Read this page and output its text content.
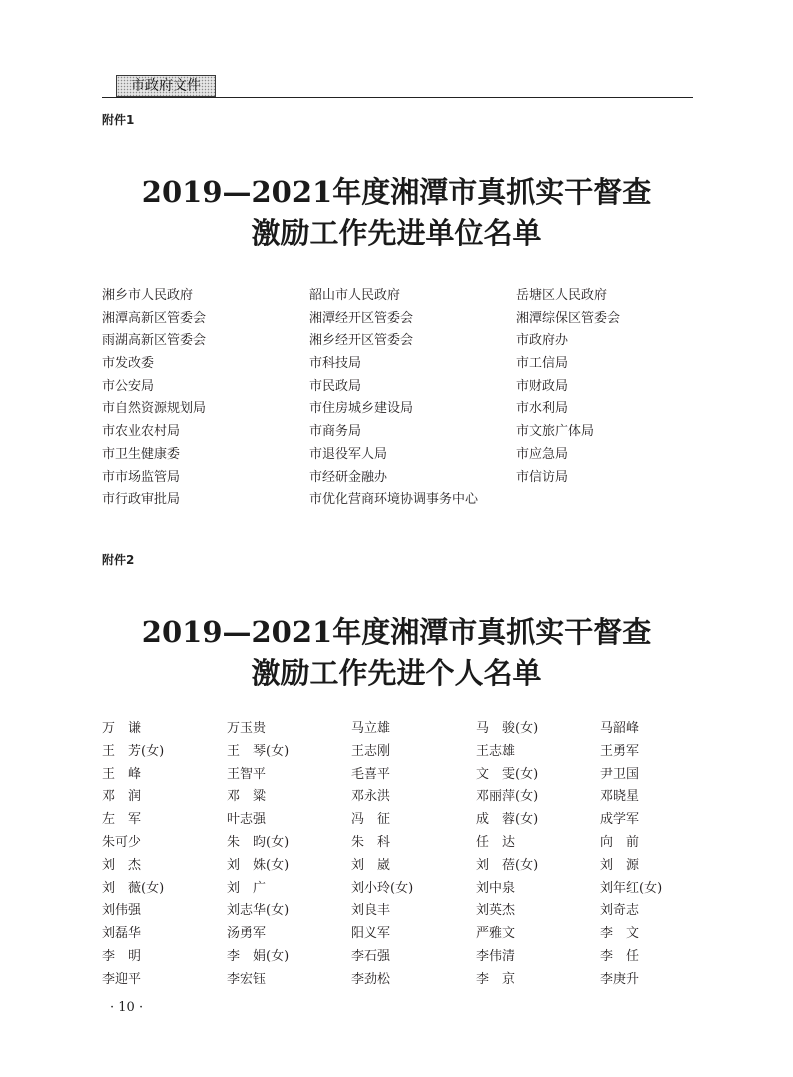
市政府文件
附件1
2019—2021年度湘潭市真抓实干督查
激励工作先进单位名单
湘乡市人民政府	韶山市人民政府	岳塘区人民政府
湘潭高新区管委会	湘潭经开区管委会	湘潭综保区管委会
雨湖高新区管委会	湘乡经开区管委会	市政府办
市发改委	市科技局	市工信局
市公安局	市民政局	市财政局
市自然资源规划局	市住房城乡建设局	市水利局
市农业农村局	市商务局	市文旅广体局
市卫生健康委	市退役军人局	市应急局
市市场监管局	市经研金融办	市信访局
市行政审批局	市优化营商环境协调事务中心
附件2
2019—2021年度湘潭市真抓实干督查
激励工作先进个人名单
万　谦	万玉贵	马立雄	马　骏(女)	马韶峰
王　芳(女)	王　琴(女)	王志刚	王志雄	王勇军
王　峰	王智平	毛喜平	文　雯(女)	尹卫国
邓　润	邓　粱	邓永洪	邓丽萍(女)	邓晓星
左　军	叶志强	冯　征	成　蓉(女)	成学军
朱可少	朱　昀(女)	朱　科	任　达	向　前
刘　杰	刘　姝(女)	刘　崴	刘　蓓(女)	刘　源
刘　薇(女)	刘　广	刘小玲(女)	刘中泉	刘年红(女)
刘伟强	刘志华(女)	刘良丰	刘英杰	刘奇志
刘磊华	汤勇军	阳义军	严雅文	李　文
李　明	李　娟(女)	李石强	李伟清	李　任
李迎平	李宏钰	李劲松	李　京	李庚升
· 10 ·
